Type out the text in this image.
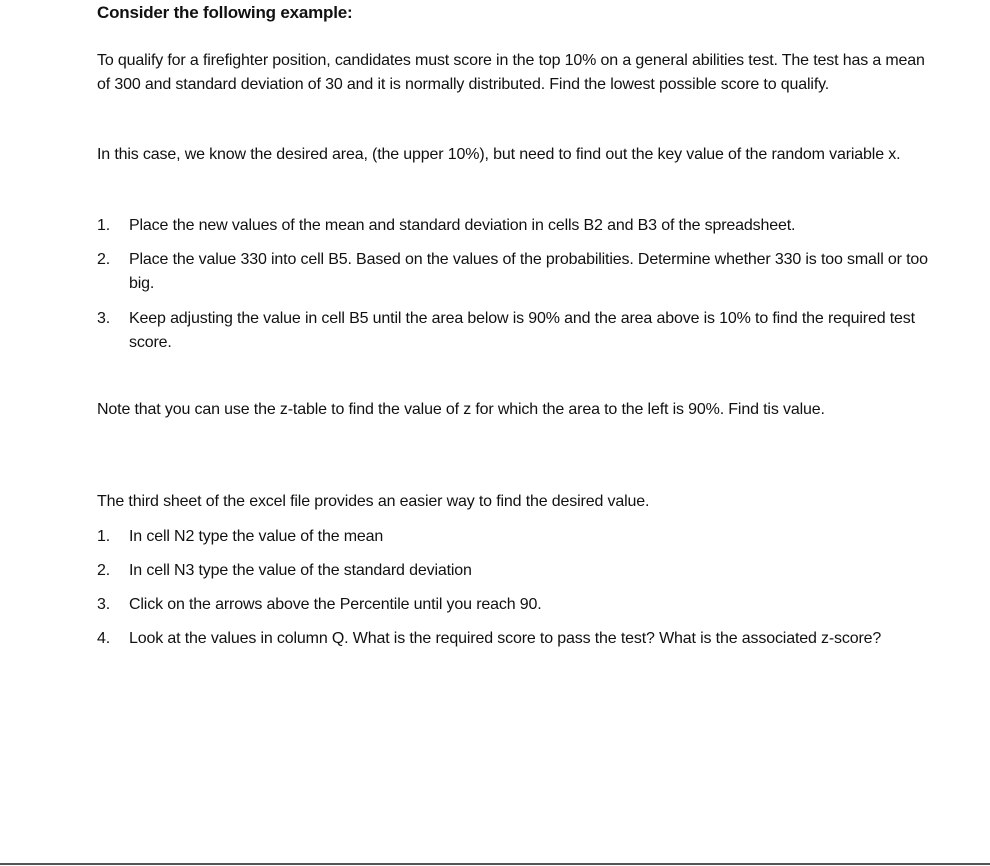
Consider the following example:
To qualify for a firefighter position, candidates must score in the top 10% on a general abilities test. The test has a mean of 300 and standard deviation of 30 and it is normally distributed. Find the lowest possible score to qualify.
In this case, we know the desired area, (the upper 10%), but need to find out the key value of the random variable x.
1.	Place the new values of the mean and standard deviation in cells B2 and B3 of the spreadsheet.
2.	Place the value 330 into cell B5. Based on the values of the probabilities. Determine whether 330 is too small or too big.
3.	Keep adjusting the value in cell B5 until the area below is 90% and the area above is 10% to find the required test score.
Note that you can use the z-table to find the value of z for which the area to the left is 90%. Find tis value.
The third sheet of the excel file provides an easier way to find the desired value.
1.	In cell N2 type the value of the mean
2.	In cell N3 type the value of the standard deviation
3.	Click on the arrows above the Percentile until you reach 90.
4.	Look at the values in column Q. What is the required score to pass the test? What is the associated z-score?
